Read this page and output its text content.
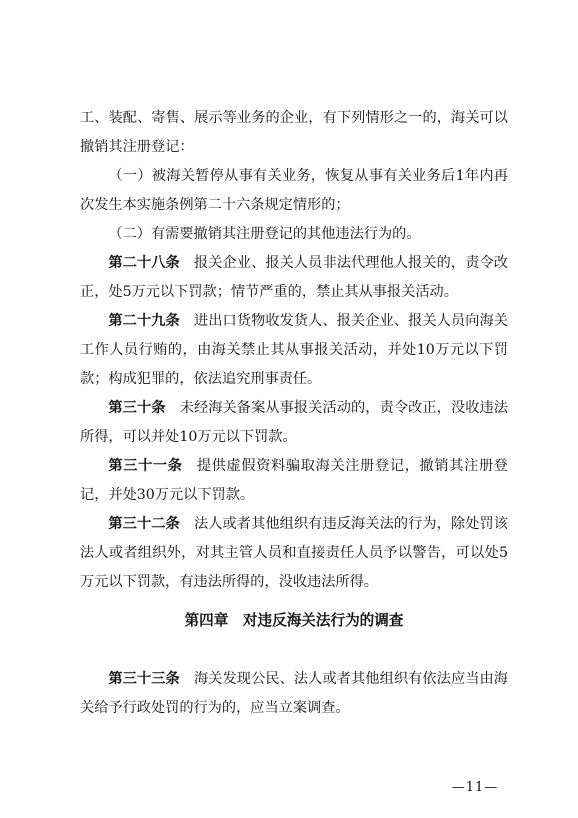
工、装配、寄售、展示等业务的企业，有下列情形之一的，海关可以撤销其注册登记：

（一）被海关暂停从事有关业务，恢复从事有关业务后1年内再次发生本实施条例第二十六条规定情形的；

（二）有需要撤销其注册登记的其他违法行为的。

第二十八条 报关企业、报关人员非法代理他人报关的，责令改正，处5万元以下罚款；情节严重的，禁止其从事报关活动。

第二十九条 进出口货物收发货人、报关企业、报关人员向海关工作人员行贿的，由海关禁止其从事报关活动，并处10万元以下罚款；构成犯罪的，依法追究刑事责任。

第三十条 未经海关备案从事报关活动的，责令改正，没收违法所得，可以并处10万元以下罚款。

第三十一条 提供虚假资料骗取海关注册登记，撤销其注册登记，并处30万元以下罚款。

第三十二条 法人或者其他组织有违反海关法的行为，除处罚该法人或者组织外，对其主管人员和直接责任人员予以警告，可以处5万元以下罚款，有违法所得的，没收违法所得。

第四章 对违反海关法行为的调查

第三十三条 海关发现公民、法人或者其他组织有依法应当由海关给予行政处罚的行为的，应当立案调查。

—11—
